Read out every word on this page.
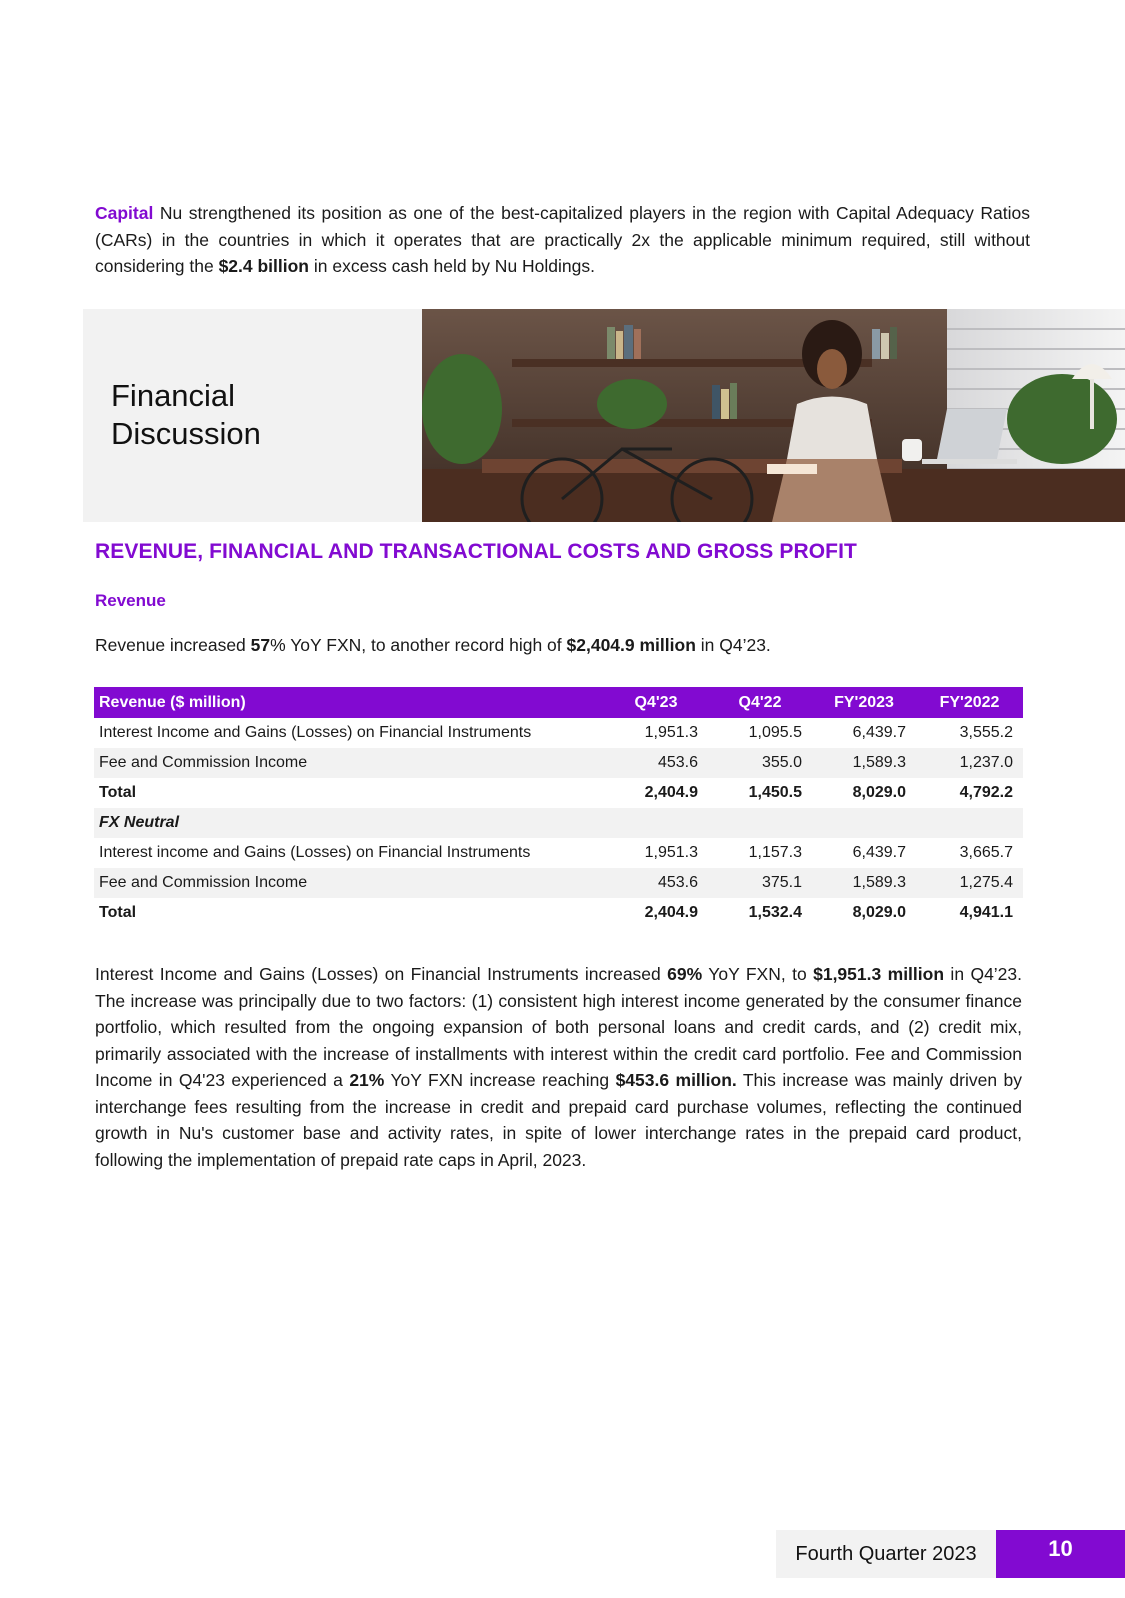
Capital Nu strengthened its position as one of the best-capitalized players in the region with Capital Adequacy Ratios (CARs) in the countries in which it operates that are practically 2x the applicable minimum required, still without considering the $2.4 billion in excess cash held by Nu Holdings.

Financial
Discussion
REVENUE, FINANCIAL AND TRANSACTIONAL COSTS AND GROSS PROFIT
Revenue

Revenue increased 57% YoY FXN, to another record high of $2,404.9 million in Q4’23.

Revenue ($ million)	Q4'23	Q4'22	FY'2023	FY'2022
Interest Income and Gains (Losses) on Financial Instruments	1,951.3	1,095.5	6,439.7	3,555.2
Fee and Commission Income	453.6	355.0	1,589.3	1,237.0
Total	2,404.9	1,450.5	8,029.0	4,792.2
FX Neutral				
Interest income and Gains (Losses) on Financial Instruments	1,951.3	1,157.3	6,439.7	3,665.7
Fee and Commission Income	453.6	375.1	1,589.3	1,275.4
Total	2,404.9	1,532.4	8,029.0	4,941.1

Interest Income and Gains (Losses) on Financial Instruments increased 69% YoY FXN, to $1,951.3 million in Q4’23. The increase was principally due to two factors: (1) consistent high interest income generated by the consumer finance portfolio, which resulted from the ongoing expansion of both personal loans and credit cards, and (2) credit mix, primarily associated with the increase of installments with interest within the credit card portfolio. Fee and Commission Income in Q4'23 experienced a 21% YoY FXN increase reaching $453.6 million. This increase was mainly driven by interchange fees resulting from the increase in credit and prepaid card purchase volumes, reflecting the continued growth in Nu's customer base and activity rates, in spite of lower interchange rates in the prepaid card product, following the implementation of prepaid rate caps in April, 2023.

Fourth Quarter 2023	10
